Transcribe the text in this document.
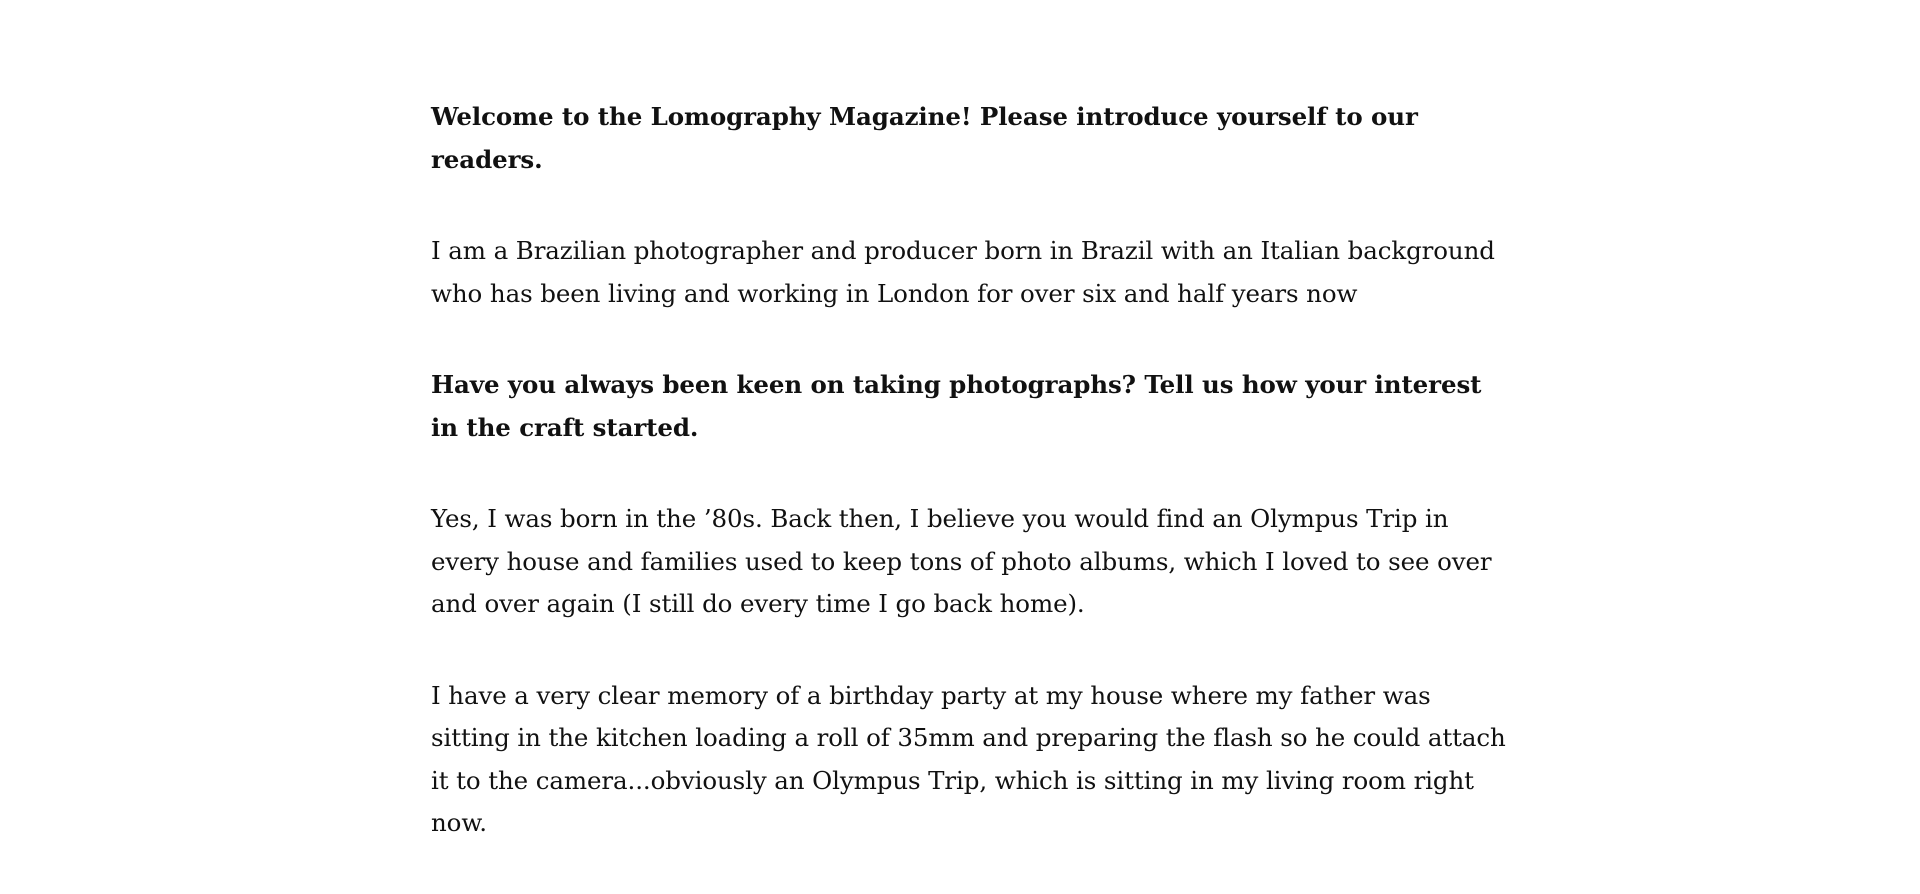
Welcome to the Lomography Magazine! Please introduce yourself to our readers.

I am a Brazilian photographer and producer born in Brazil with an Italian background who has been living and working in London for over six and half years now

Have you always been keen on taking photographs? Tell us how your interest in the craft started.

Yes, I was born in the ’80s. Back then, I believe you would find an Olympus Trip in every house and families used to keep tons of photo albums, which I loved to see over and over again (I still do every time I go back home).

I have a very clear memory of a birthday party at my house where my father was sitting in the kitchen loading a roll of 35mm and preparing the flash so he could attach it to the camera...obviously an Olympus Trip, which is sitting in my living room right now.
